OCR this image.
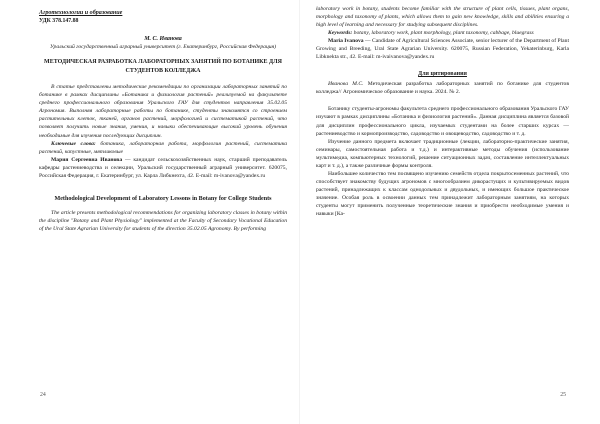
Агротехнологии и образование

УДК 378.147.88

М. С. Иванова

Уральский государственный аграрный университет (г. Екатеринбург, Российская Федерация)

МЕТОДИЧЕСКАЯ РАЗРАБОТКА ЛАБОРАТОРНЫХ ЗАНЯТИЙ ПО БОТАНИКЕ ДЛЯ СТУДЕНТОВ КОЛЛЕДЖА

В статье представлены методические рекомендации по организации лабораторных занятий по ботанике в рамках дисциплины «Ботаника и физиология растений» реализуемой на факультете среднего профессионального образования Уральского ГАУ для студентов направления 35.02.05 Агрономия. Выполняя лабораторные работы по ботанике, студенты знакомятся со строением растительных клеток, тканей, органов растений, морфологией и систематикой растений, что позволяет получить новые знания, умения, и навыки обеспечивающие высокий уровень обучения необходимые для изучения последующих дисциплин.

Ключевые слова: ботаника, лабораторная работа, морфология растений, систематика растений, капустные, мятликовые

Мария Сергеевна Иванова — кандидат сельскохозяйственных наук, старший преподаватель кафедры растениеводства и селекции, Уральский государственный аграрный университет. 620075, Российская Федерация, г. Екатеринбург, ул. Карла Либкнехта, 42. E-mail: m-ivanova@yandex.ru

Methodological Development of Laboratory Lessons in Botany for College Students

The article presents methodological recommendations for organizing laboratory classes in botany within the discipline "Botany and Plant Physiology" implemented at the Faculty of Secondary Vocational Education of the Ural State Agrarian University for students of the direction 35.02.05 Agronomy. By performing

24

laboratory work in botany, students become familiar with the structure of plant cells, tissues, plant organs, morphology and taxonomy of plants, which allows them to gain new knowledge, skills and abilities ensuring a high level of learning and necessary for studying subsequent disciplines.

Keywords: botany, laboratory work, plant morphology, plant taxonomy, cabbage, bluegrass

Maria Ivanova — Candidate of Agricultural Sciences Associate, senior lecturer of the Department of Plant Growing and Breeding, Ural State Agrarian University. 620075, Russian Federation, Yekaterinburg, Karla Libknekta str., 42. E-mail: m-ivaivanova@yandex.ru

Для цитирования

Иванова М.С. Методическая разработка лабораторных занятий по ботанике для студентов колледжа// Агрономическое образование и наука. 2024. № 2.

Ботанику студенты-агрономы факультета среднего профессионального образования Уральского ГАУ изучают в рамках дисциплины «Ботаника и физиология растений». Данная дисциплина является базовой для дисциплин профессионального цикла, изучаемых студентами на более старших курсах — растениеводство и кормопроизводство, садоводство и овощеводство, садоводство и т. д.

Изучение данного предмета включает традиционные (лекции, лабораторно-практические занятия, семинары, самостоятельная работа и т.д.) и интерактивные методы обучения (использование мультимедиа, компьютерных технологий, решение ситуационных задач, составление интеллектуальных карт и т. д.), а также различные формы контроля.

Наибольшее количество тем посвящено изучению семейств отдела покрытосеменных растений, что способствует знакомству будущих агрономов с многообразием дикорастущих и культивируемых видов растений, принадлежащих к классам однодольных и двудольных, и имеющих большое практическое значение. Особая роль в освоении данных тем принадлежит лабораторным занятиям, на которых студенты могут применить полученные теоретические знания и приобрести необходимые умения и навыки [Ка-

25
